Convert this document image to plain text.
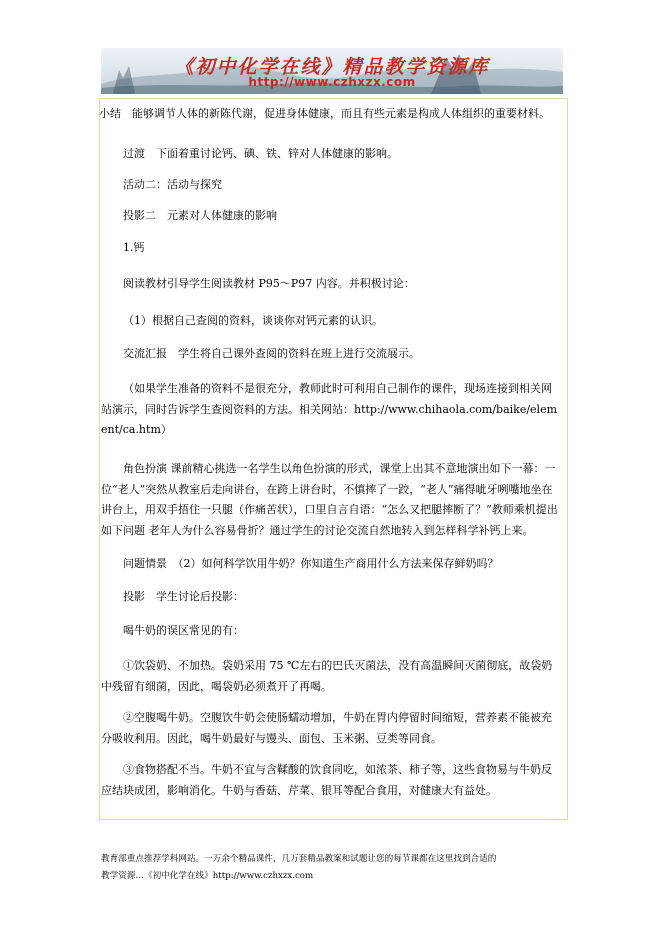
《初中化学在线》精品教学资源库
http://www.czhxzx.com
小结　能够调节人体的新陈代谢，促进身体健康，而且有些元素是构成人体组织的重要材料。
过渡　下面着重讨论钙、碘、铁、锌对人体健康的影响。
活动二：活动与探究
投影二　元素对人体健康的影响
1.钙
阅读教材引导学生阅读教材 P95～P97 内容。并积极讨论：
（1）根据自己查阅的资料，谈谈你对钙元素的认识。
交流汇报　学生将自己课外查阅的资料在班上进行交流展示。
（如果学生准备的资料不是很充分，教师此时可利用自己制作的课件，现场连接到相关网站演示，同时告诉学生查阅资料的方法。相关网站：http://www.chihaola.com/baike/element/ca.htm）
角色扮演 课前精心挑选一名学生以角色扮演的形式，课堂上出其不意地演出如下一幕：一位“老人”突然从教室后走向讲台，在跨上讲台时，不慎摔了一跤，“老人”痛得呲牙咧嘴地坐在讲台上，用双手捂住一只腿（作痛苦状），口里自言自语：“怎么又把腿摔断了？”教师乘机提出如下问题 老年人为什么容易骨折？通过学生的讨论交流自然地转入到怎样科学补钙上来。
问题情景　（2）如何科学饮用牛奶？你知道生产商用什么方法来保存鲜奶吗？
投影　学生讨论后投影：
喝牛奶的误区常见的有：
①饮袋奶、不加热。袋奶采用 75 ℃左右的巴氏灭菌法，没有高温瞬间灭菌彻底，故袋奶中残留有细菌，因此，喝袋奶必须煮开了再喝。
②空腹喝牛奶。空腹饮牛奶会使肠蠕动增加，牛奶在胃内停留时间缩短，营养素不能被充分吸收利用。因此，喝牛奶最好与馒头、面包、玉米粥、豆类等同食。
③食物搭配不当。牛奶不宜与含鞣酸的饮食同吃，如浓茶、柿子等，这些食物易与牛奶反应结块成团，影响消化。牛奶与香菇、芹菜、银耳等配合食用，对健康大有益处。
教育部重点推荐学科网站。一万余个精品课件，几万套精品教案和试题让您的每节课都在这里找到合适的
教学资源…《初中化学在线》http://www.czhxzx.com
